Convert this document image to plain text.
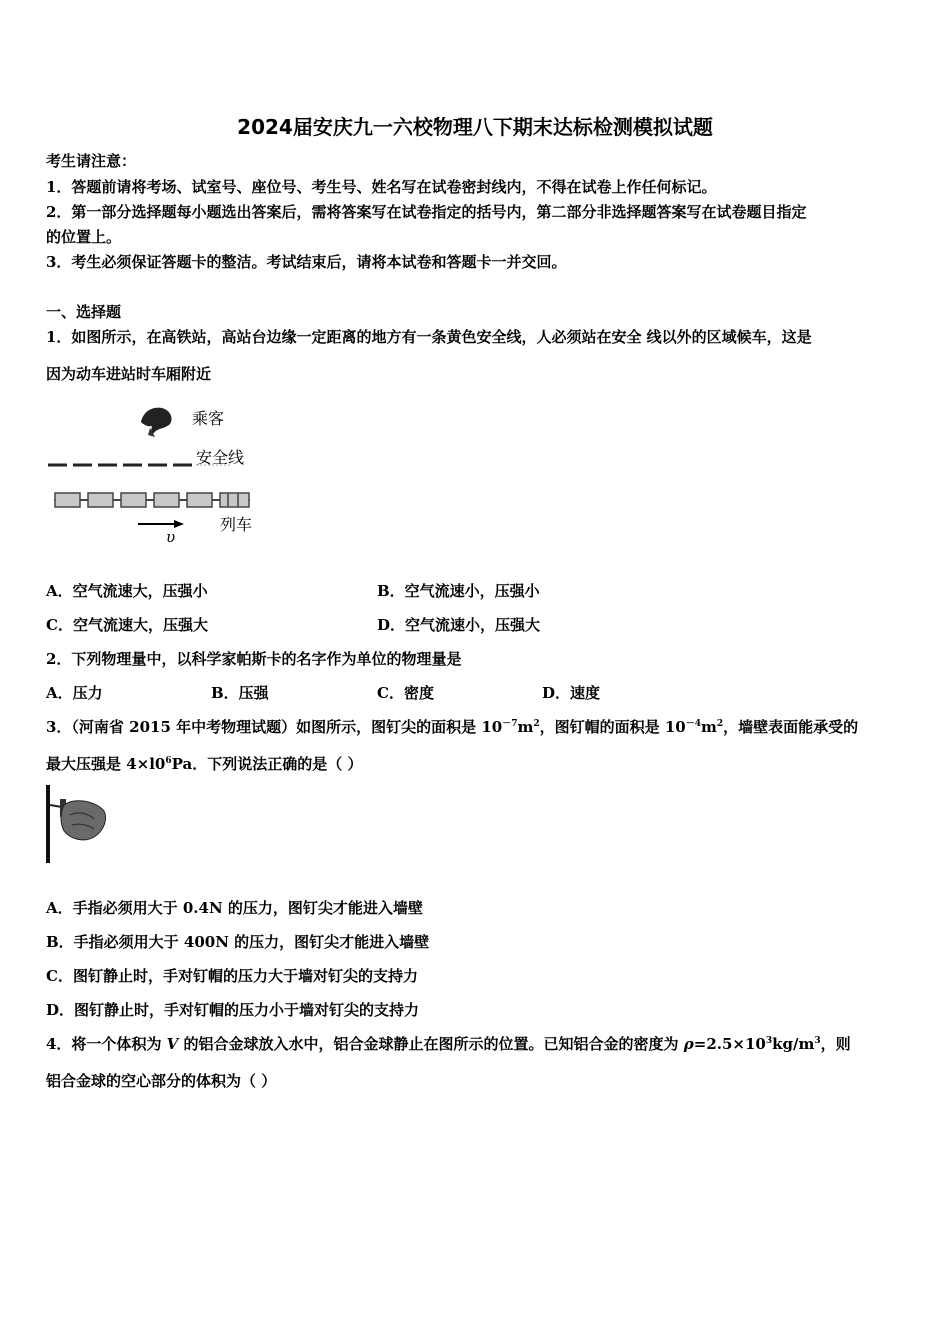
2024届安庆九一六校物理八下期末达标检测模拟试题
考生请注意：
1．答题前请将考场、试室号、座位号、考生号、姓名写在试卷密封线内，不得在试卷上作任何标记。
2．第一部分选择题每小题选出答案后，需将答案写在试卷指定的括号内，第二部分非选择题答案写在试卷题目指定
的位置上。
3．考生必须保证答题卡的整洁。考试结束后，请将本试卷和答题卡一并交回。
一、选择题
1．如图所示，在高铁站，高站台边缘一定距离的地方有一条黄色安全线，人必须站在安全 线以外的区域候车，这是
因为动车进站时车厢附近
乘客
安全线
列车
υ
A．空气流速大，压强小	B．空气流速小，压强小
C．空气流速大，压强大	D．空气流速小，压强大
2．下列物理量中，以科学家帕斯卡的名字作为单位的物理量是
A．压力	B．压强	C．密度	D．速度
3．（河南省 2015 年中考物理试题）如图所示，图钉尖的面积是 $10^{-7}m^2$，图钉帽的面积是 $10^{-4}m^2$，墙壁表面能承受的
最大压强是 $4\times l0^6Pa$．下列说法正确的是（ ）
A．手指必须用大于 0.4N 的压力，图钉尖才能进入墙壁
B．手指必须用大于 400N 的压力，图钉尖才能进入墙壁
C．图钉静止时，手对钉帽的压力大于墙对钉尖的支持力
D．图钉静止时，手对钉帽的压力小于墙对钉尖的支持力
4．将一个体积为 V 的铝合金球放入水中，铝合金球静止在图所示的位置。已知铝合金的密度为 $\rho=2.5\times 10^3kg/m^3$，则
铝合金球的空心部分的体积为（ ）
